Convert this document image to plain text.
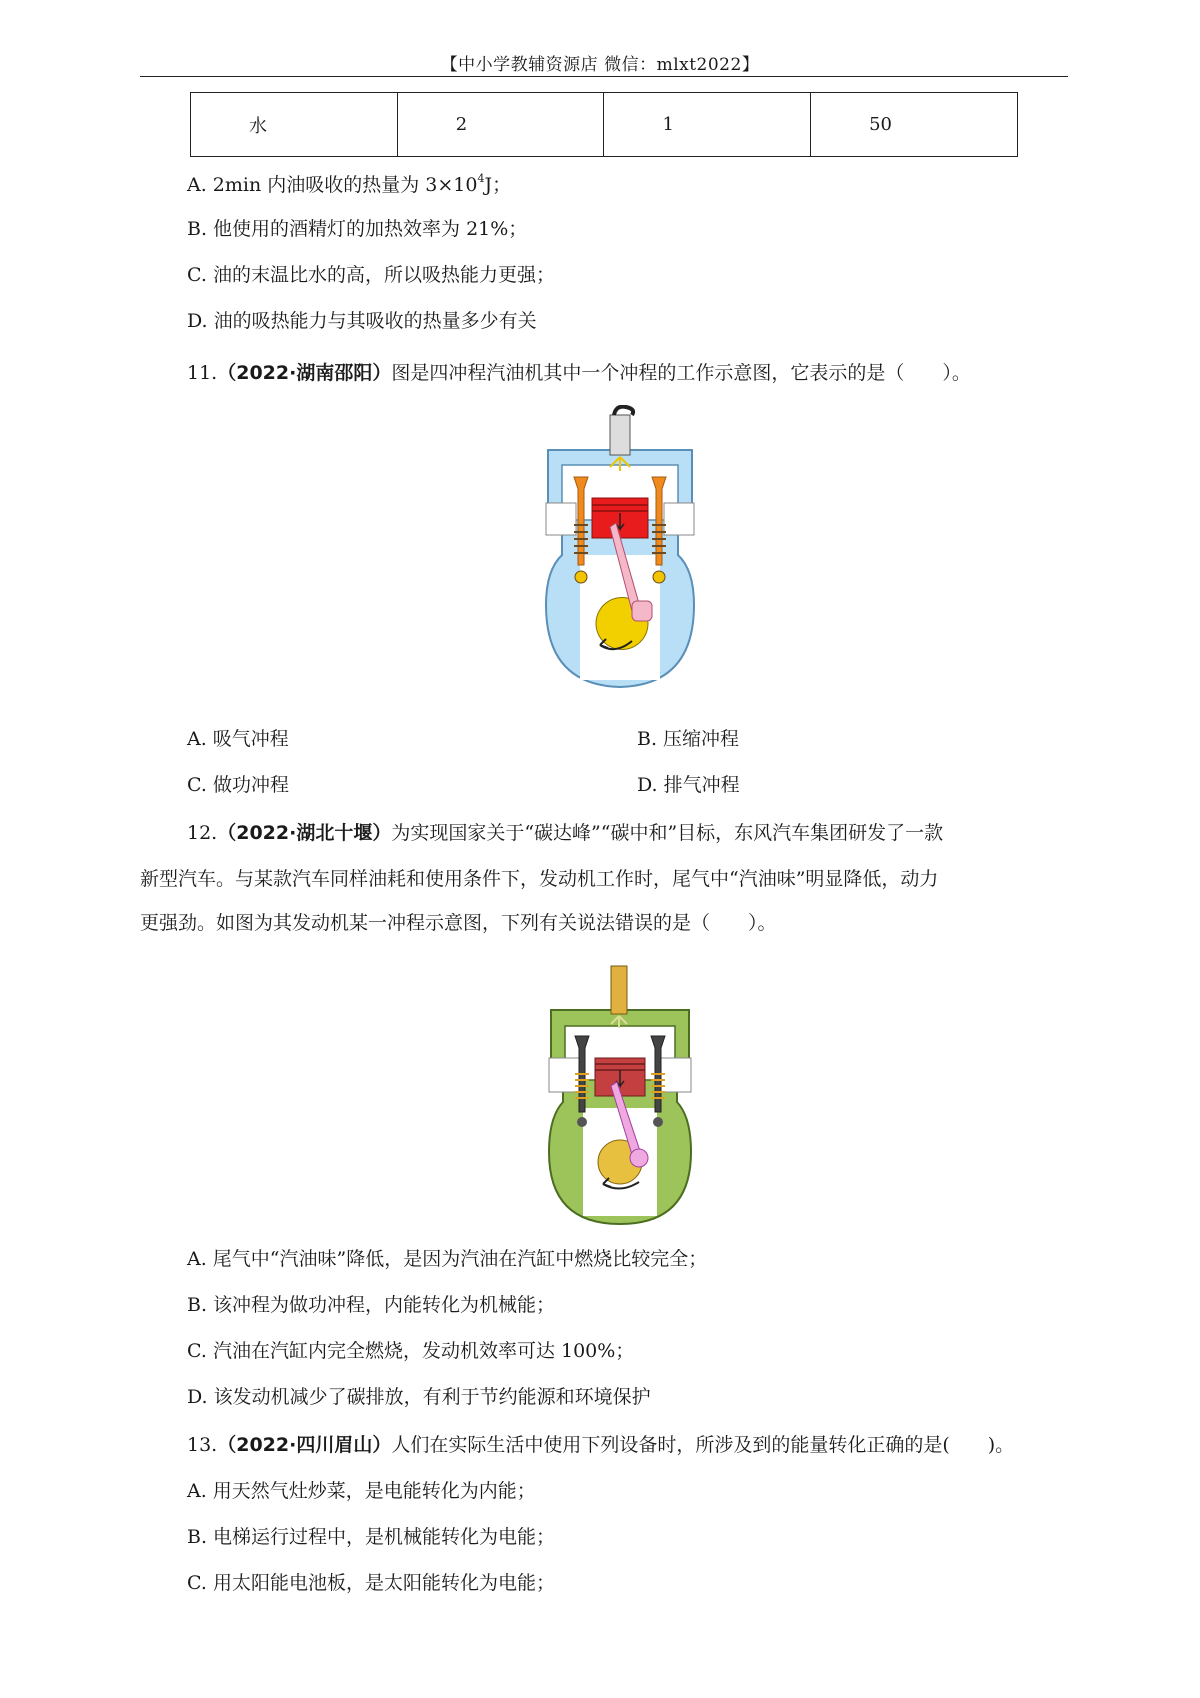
【中小学教辅资源店 微信：mlxt2022】
水	2	1	50
A. 2min 内油吸收的热量为 $3\times 10^4J$；
B. 他使用的酒精灯的加热效率为 21%；
C. 油的末温比水的高，所以吸热能力更强；
D. 油的吸热能力与其吸收的热量多少有关
11.（2022·湖南邵阳）图是四冲程汽油机其中一个冲程的工作示意图，它表示的是（　　）。
A. 吸气冲程	B. 压缩冲程
C. 做功冲程	D. 排气冲程
12.（2022·湖北十堰）为实现国家关于“碳达峰”“碳中和”目标，东风汽车集团研发了一款
新型汽车。与某款汽车同样油耗和使用条件下，发动机工作时，尾气中“汽油味”明显降低，动力
更强劲。如图为其发动机某一冲程示意图，下列有关说法错误的是（　　）。
A. 尾气中“汽油味”降低，是因为汽油在汽缸中燃烧比较完全；
B. 该冲程为做功冲程，内能转化为机械能；
C. 汽油在汽缸内完全燃烧，发动机效率可达 100%；
D. 该发动机减少了碳排放，有利于节约能源和环境保护
13.（2022·四川眉山）人们在实际生活中使用下列设备时，所涉及到的能量转化正确的是(　　)。
A. 用天然气灶炒菜，是电能转化为内能；
B. 电梯运行过程中，是机械能转化为电能；
C. 用太阳能电池板，是太阳能转化为电能；
